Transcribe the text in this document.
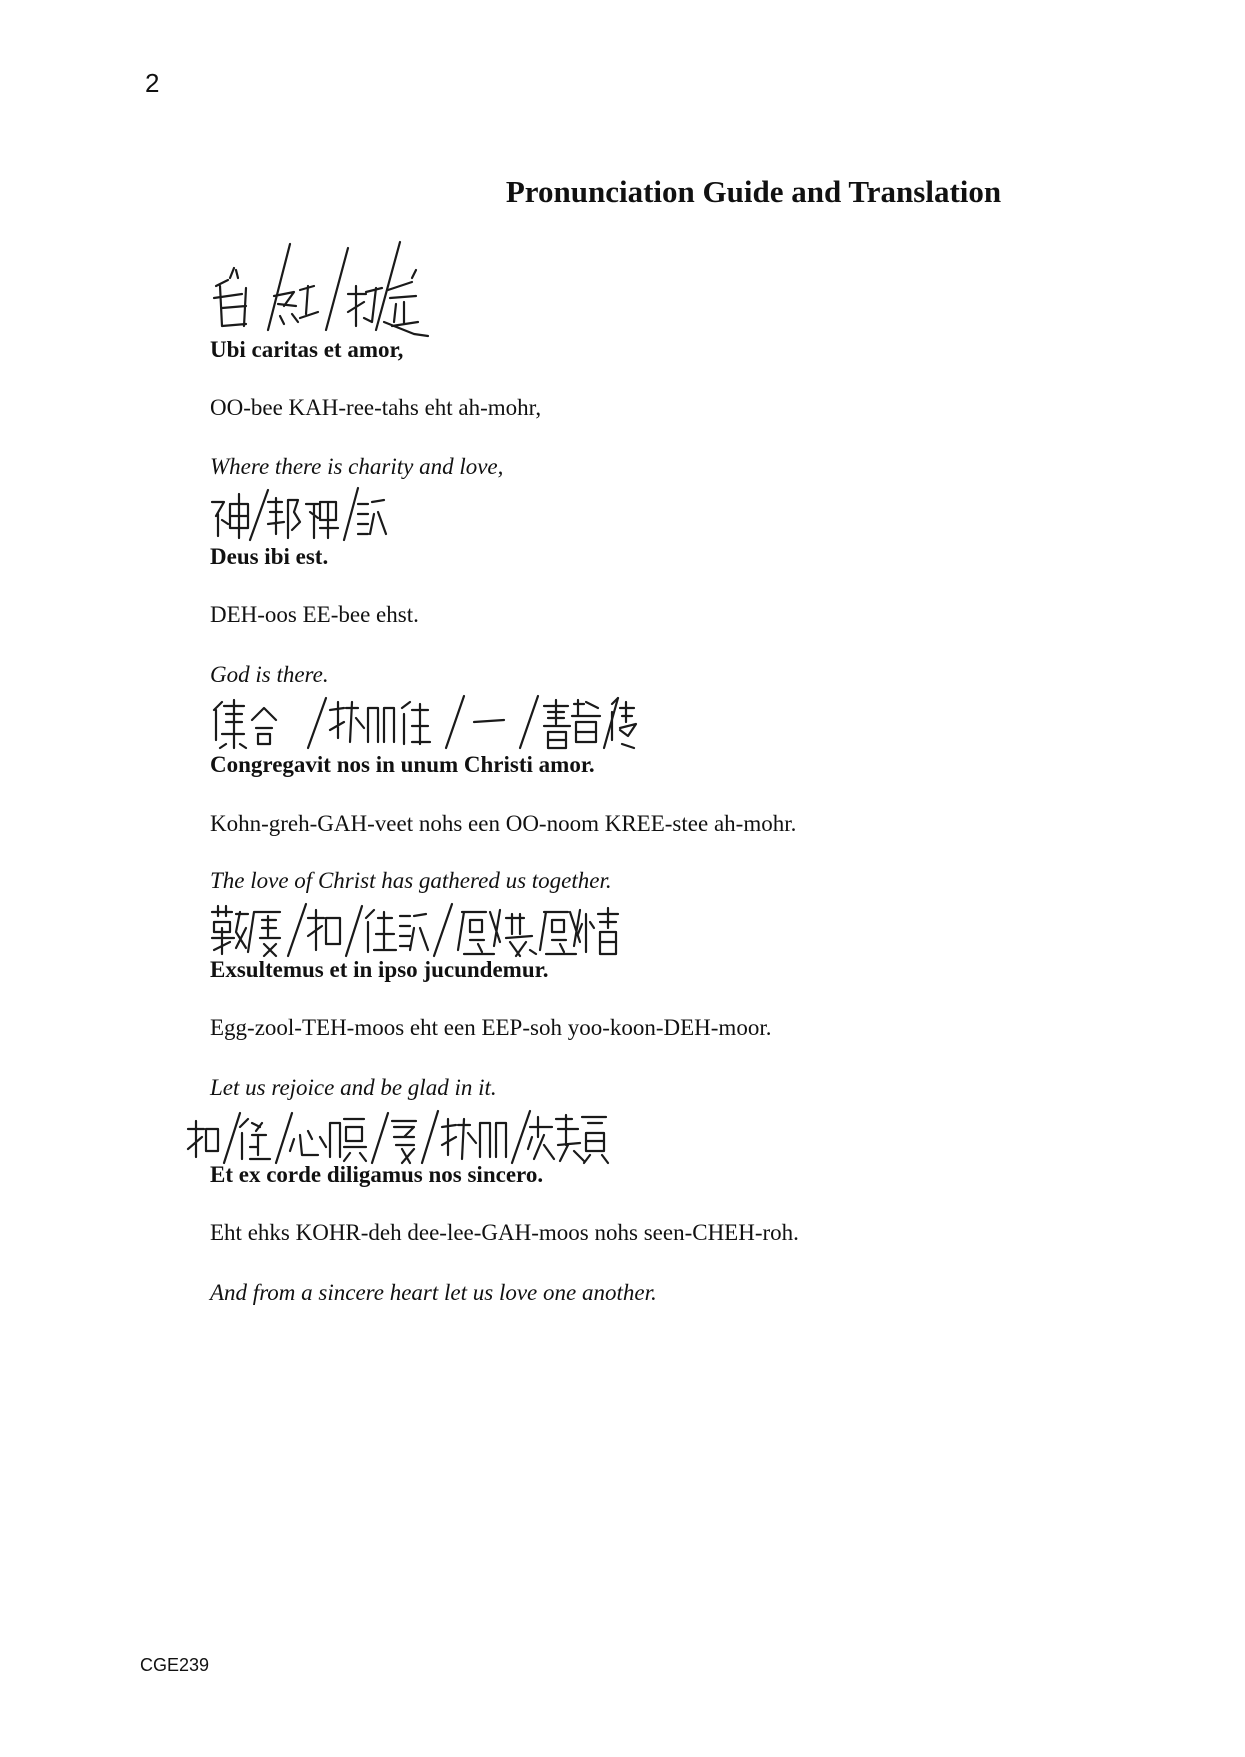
2
Pronunciation Guide and Translation

Ubi caritas et amor,

OO-bee KAH-ree-tahs eht ah-mohr,

Where there is charity and love,

Deus ibi est.

DEH-oos EE-bee ehst.

God is there.

Congregavit nos in unum Christi amor.

Kohn-greh-GAH-veet nohs een OO-noom KREE-stee ah-mohr.

The love of Christ has gathered us together.

Exsultemus et in ipso jucundemur.

Egg-zool-TEH-moos eht een EEP-soh yoo-koon-DEH-moor.

Let us rejoice and be glad in it.

Et ex corde diligamus nos sincero.

Eht ehks KOHR-deh dee-lee-GAH-moos nohs seen-CHEH-roh.

And from a sincere heart let us love one another.

CGE239
